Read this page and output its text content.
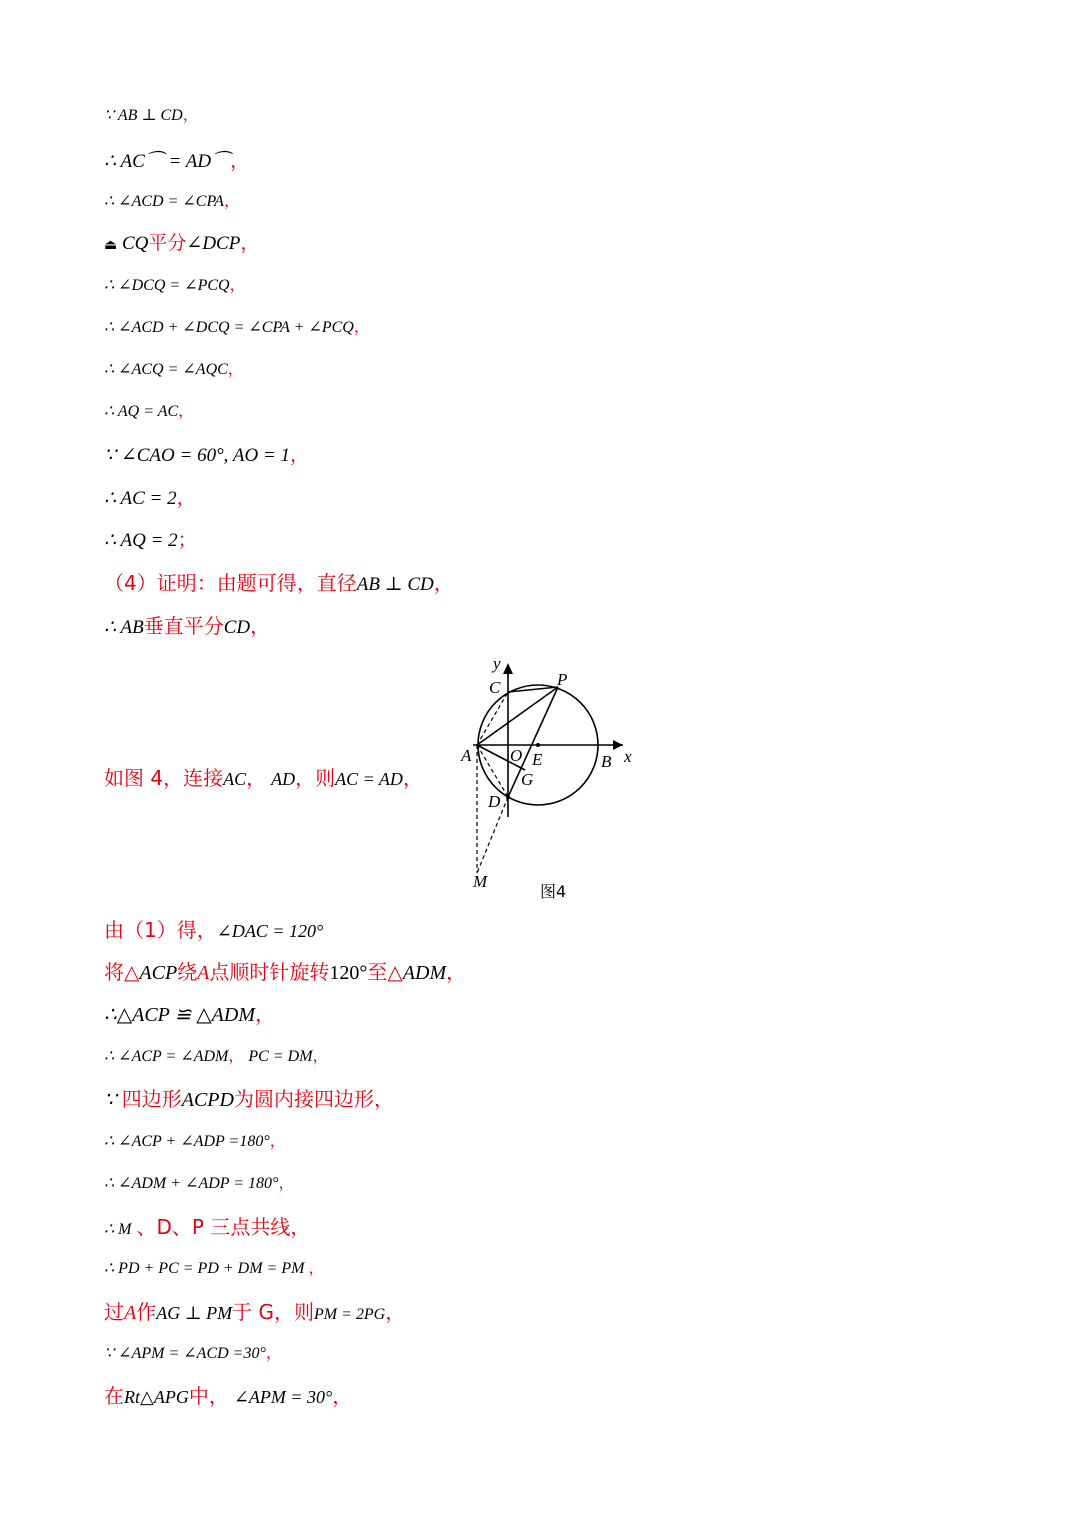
∵ AB ⊥ CD，
∴ AC⌒ = AD⌒，
∴ ∠ACD = ∠CPA，
⏏ CQ平分∠DCP，
∴ ∠DCQ = ∠PCQ，
∴ ∠ACD + ∠DCQ = ∠CPA + ∠PCQ，
∴ ∠ACQ = ∠AQC，
∴ AQ = AC，
∵ ∠CAO = 60°, AO = 1，
∴ AC = 2，
∴ AQ = 2；
（4）证明：由题可得，直径AB ⊥ CD，
∴ AB垂直平分CD，
如图 4，连接AC， AD，则AC = AD，
y
x
C	P
A O E	B
G
D
M
图4
由（1）得，∠DAC = 120°
将△ACP绕A点顺时针旋转120°至△ADM，
∴△ACP ≌ △ADM，
∴ ∠ACP = ∠ADM， PC = DM，
∵ 四边形ACPD为圆内接四边形，
∴ ∠ACP + ∠ADP =180°，
∴ ∠ADM + ∠ADP = 180°，
∴ M 、D、P 三点共线，
∴ PD + PC = PD + DM = PM ，
过A作AG ⊥ PM于 G，则PM = 2PG，
∵ ∠APM = ∠ACD =30°，
在Rt△APG中， ∠APM = 30°，
